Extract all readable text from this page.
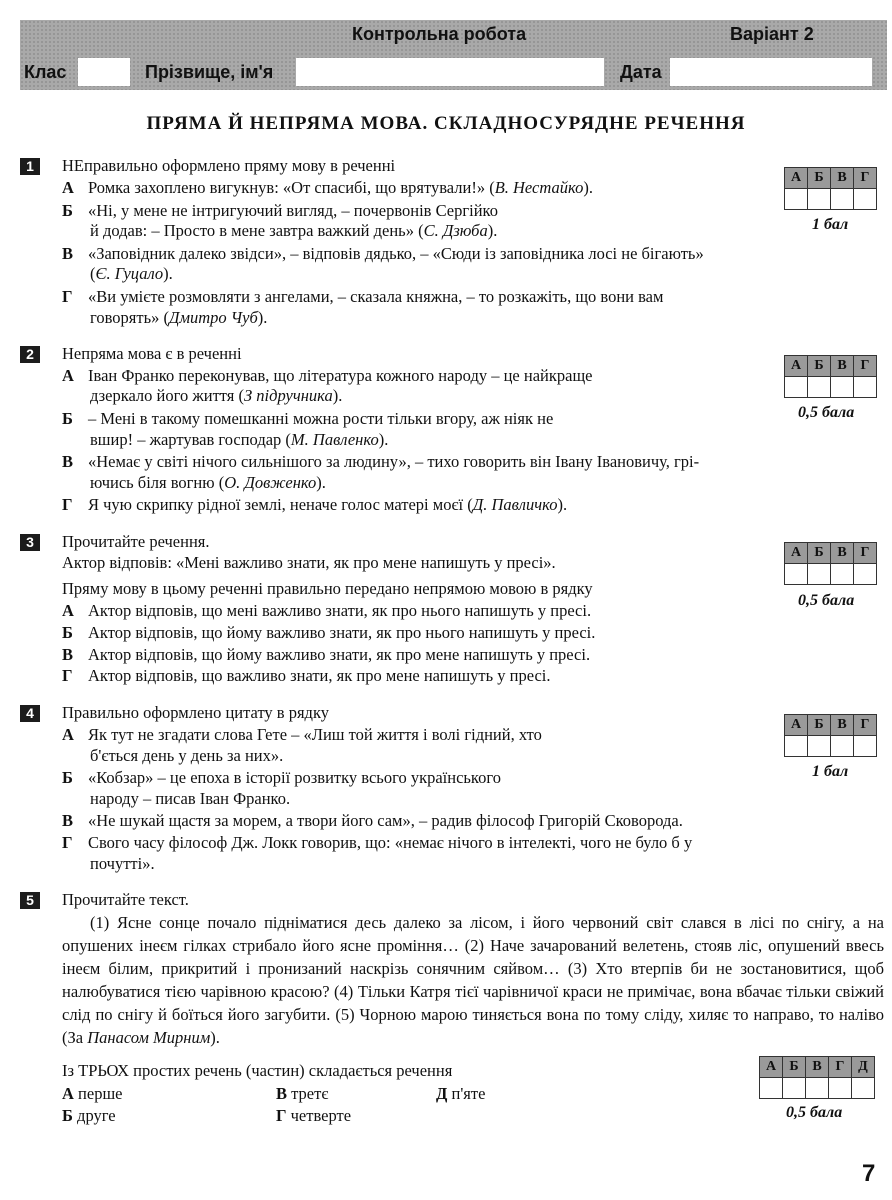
Контрольна робота	Варіант 2
Клас	Прізвище, ім'я	Дата
ПРЯМА Й НЕПРЯМА МОВА. СКЛАДНОСУРЯДНЕ РЕЧЕННЯ
1	НЕправильно оформлено пряму мову в реченні
А Ромка захоплено вигукнув: «От спасибі, що врятували!» (В. Нестайко).
Б «Ні, у мене не інтригуючий вигляд, – почервонів Сергійко
й додав: – Просто в мене завтра важкий день» (С. Дзюба).
В «Заповідник далеко звідси», – відповів дядько, – «Сюди із заповідника лосі не бігають»
(Є. Гуцало).
Г «Ви умієте розмовляти з ангелами, – сказала княжна, – то розкажіть, що вони вам
говорять» (Дмитро Чуб).
А	Б	В	Г

1 бал
2	Непряма мова є в реченні
А Іван Франко переконував, що література кожного народу – це найкраще
дзеркало його життя (З підручника).
Б – Мені в такому помешканні можна рости тільки вгору, аж ніяк не
вшир! – жартував господар (М. Павленко).
В «Немає у світі нічого сильнішого за людину», – тихо говорить він Івану Івановичу, грі-
ючись біля вогню (О. Довженко).
Г Я чую скрипку рідної землі, неначе голос матері моєї (Д. Павличко).
А	Б	В	Г

0,5 бала
3	Прочитайте речення.
Актор відповів: «Мені важливо знати, як про мене напишуть у пресі».
Пряму мову в цьому реченні правильно передано непрямою мовою в рядку
А Актор відповів, що мені важливо знати, як про нього напишуть у пресі.
Б Актор відповів, що йому важливо знати, як про нього напишуть у пресі.
В Актор відповів, що йому важливо знати, як про мене напишуть у пресі.
Г Актор відповів, що важливо знати, як про мене напишуть у пресі.
А	Б	В	Г

0,5 бала
4	Правильно оформлено цитату в рядку
А Як тут не згадати слова Гете – «Лиш той життя і волі гідний, хто
б'ється день у день за них».
Б «Кобзар» – це епоха в історії розвитку всього українського
народу – писав Іван Франко.
В «Не шукай щастя за морем, а твори його сам», – радив філософ Григорій Сковорода.
Г Свого часу філософ Дж. Локк говорив, що: «немає нічого в інтелекті, чого не було б у
почутті».
А	Б	В	Г

1 бал
5	Прочитайте текст.
(1) Ясне сонце почало підніматися десь далеко за лісом, і його червоний світ слався в лісі по снігу, а на опушених інеєм гілках стрибало його ясне проміння… (2) Наче зачарований велетень, стояв ліс, опушений ввесь інеєм білим, прикритий і пронизаний наскрізь сонячним сяйвом… (3) Хто втерпів би не зостановитися, щоб налюбуватися тією чарівною красою? (4) Тільки Катря тієї чарівничої краси не примічає, вона вбачає тільки свіжий слід по снігу й боїться його загубити. (5) Чорною марою тиняється вона по тому сліду, хиляє то направо, то наліво (За Панасом Мирним).
Із ТРЬОХ простих речень (частин) складається речення
А перше	В третє	Д п'яте
Б друге	Г четверте
А	Б	В	Г	Д

0,5 бала
7
